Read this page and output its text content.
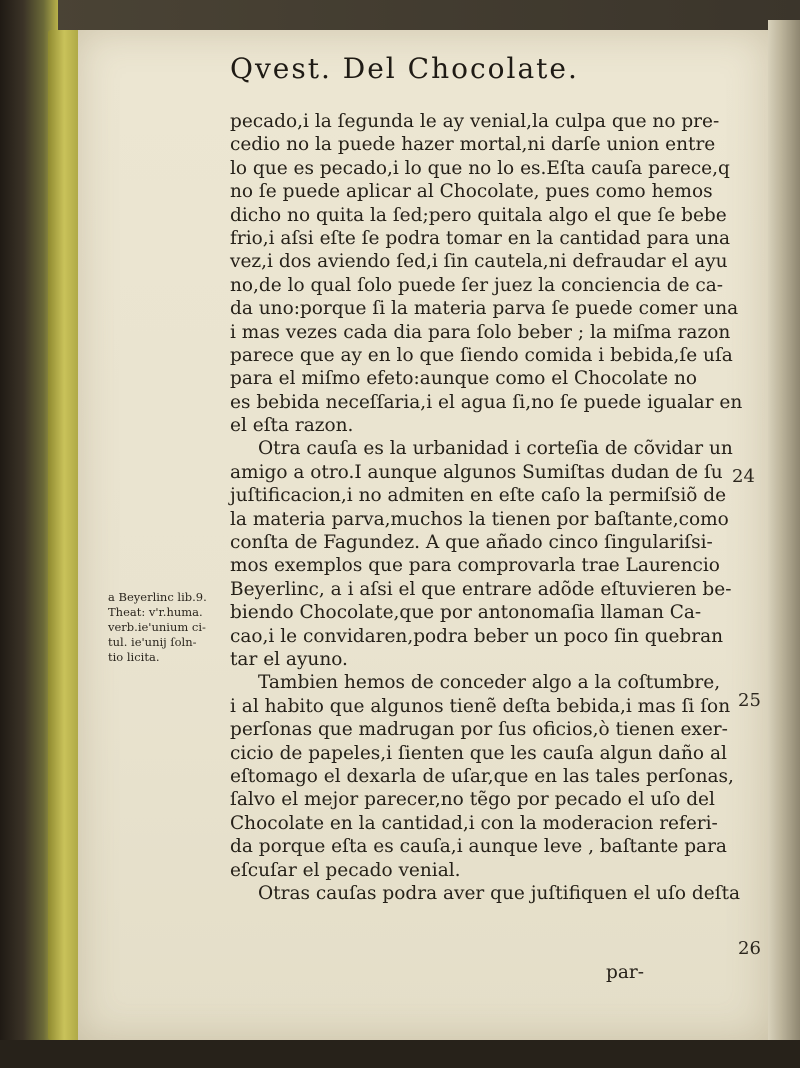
Qvest. Del Chocolate.
pecado,i la ſegunda le ay venial,la culpa que no pre-
cedio no la puede hazer mortal,ni darſe union entre
lo que es pecado,i lo que no lo es.Eſta cauſa parece,q
no ſe puede aplicar al Chocolate, pues como hemos
dicho no quita la ſed;pero quitala algo el que ſe bebe
frio,i aſsi eſte ſe podra tomar en la cantidad para una
vez,i dos aviendo ſed,i ſin cautela,ni defraudar el ayu
no,de lo qual ſolo puede ſer juez la conciencia de ca-
da uno:porque ſi la materia parva ſe puede comer una
i mas vezes cada dia para ſolo beber ; la miſma razon
parece que ay en lo que ſiendo comida i bebida,ſe uſa
para el miſmo efeto:aunque como el Chocolate no
es bebida neceſſaria,i el agua ſi,no ſe puede igualar en
el eſta razon.
Otra cauſa es la urbanidad i corteſia de cõvidar un
amigo a otro.I aunque algunos Sumiſtas dudan de ſu
juſtificacion,i no admiten en eſte caſo la permiſsiõ de
la materia parva,muchos la tienen por baſtante,como
conſta de Fagundez. A que añado cinco ſingulariſsi-
mos exemplos que para comprovarla trae Laurencio
Beyerlinc, a i aſsi el que entrare adõde eſtuvieren be-
biendo Chocolate,que por antonomaſia llaman Ca-
cao,i le convidaren,podra beber un poco ſin quebran
tar el ayuno.
Tambien hemos de conceder algo a la coſtumbre,
i al habito que algunos tienẽ deſta bebida,i mas ſi ſon
perſonas que madrugan por ſus oficios,ò tienen exer-
cicio de papeles,i ſienten que les cauſa algun daño al
eſtomago el dexarla de uſar,que en las tales perſonas,
ſalvo el mejor parecer,no tẽgo por pecado el uſo del
Chocolate en la cantidad,i con la moderacion referi-
da porque eſta es cauſa,i aunque leve , baſtante para
eſcuſar el pecado venial.
Otras cauſas podra aver que juſtifiquen el uſo deſta
par-
a Beyerlinc lib.9.
Theat: v'r.huma.
verb.ie'unium ci-
tul. ie'unij ſoln-
tio licita.
24
25
26
